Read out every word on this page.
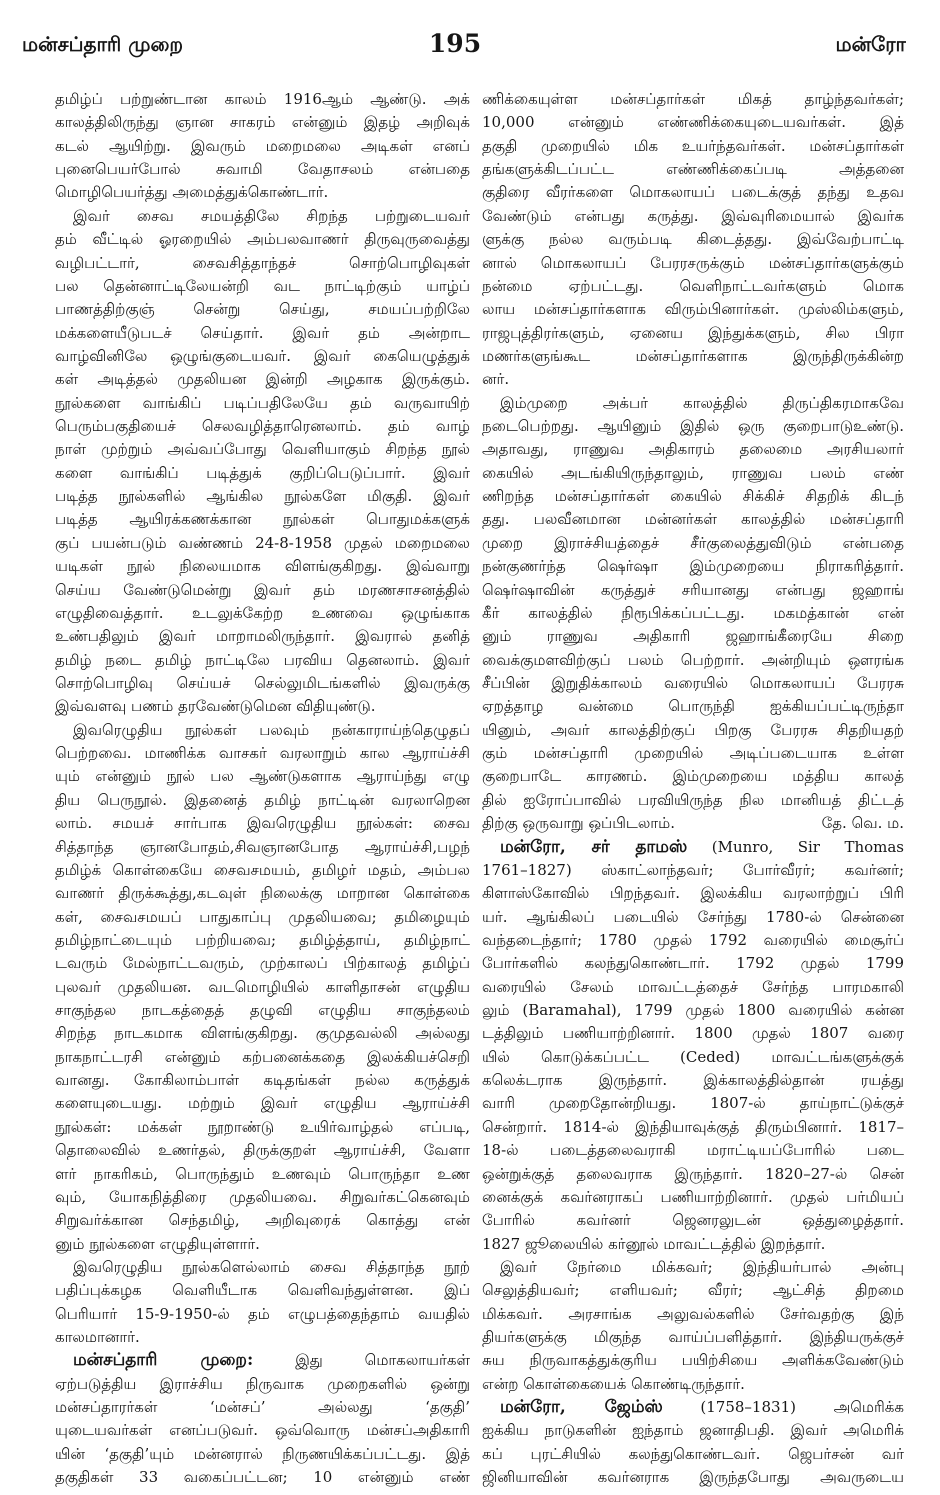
மன்சப்தாரி முறை	195	மன்ரோ
தமிழ்ப் பற்றுண்டான காலம் 1916ஆம் ஆண்டு. அக்
காலத்திலிருந்து ஞான சாகரம் என்னும் இதழ் அறிவுக்
கடல் ஆயிற்று. இவரும் மறைமலை அடிகள் எனப்
புனைபெயர்போல் சுவாமி வேதாசலம் என்பதை
மொழிபெயர்த்து அமைத்துக்கொண்டார்.
இவர் சைவ சமயத்திலே சிறந்த பற்றுடையவர்
தம் வீட்டில் ஓரறையில் அம்பலவாணர் திருவுருவைத்து
வழிபட்டார், சைவசித்தாந்தச் சொற்பொழிவுகள்
பல தென்னாட்டிலேயன்றி வட நாட்டிற்கும் யாழ்ப்
பாணத்திற்குஞ் சென்று செய்து, சமயப்பற்றிலே
மக்களையீடுபடச் செய்தார். இவர் தம் அன்றாட
வாழ்வினிலே ஒழுங்குடையவர். இவர் கையெழுத்துக்
கள் அடித்தல் முதலியன இன்றி அழகாக இருக்கும்.
நூல்களை வாங்கிப் படிப்பதிலேயே தம் வருவாயிற்
பெரும்பகுதியைச் செலவழித்தாரெனலாம். தம் வாழ்
நாள் முற்றும் அவ்வப்போது வெளியாகும் சிறந்த நூல்
களை வாங்கிப் படித்துக் குறிப்பெடுப்பார். இவர்
படித்த நூல்களில் ஆங்கில நூல்களே மிகுதி. இவர்
படித்த ஆயிரக்கணக்கான நூல்கள் பொதுமக்களுக்
குப் பயன்படும் வண்ணம் 24-8-1958 முதல் மறைமலை
யடிகள் நூல் நிலையமாக விளங்குகிறது. இவ்வாறு
செய்ய வேண்டுமென்று இவர் தம் மரணசாசனத்தில்
எழுதிவைத்தார். உடலுக்கேற்ற உணவை ஒழுங்காக
உண்பதிலும் இவர் மாறாமலிருந்தார். இவரால் தனித்
தமிழ் நடை தமிழ் நாட்டிலே பரவிய தெனலாம். இவர்
சொற்பொழிவு செய்யச் செல்லுமிடங்களில் இவருக்கு
இவ்வளவு பணம் தரவேண்டுமென விதியுண்டு.
இவரெழுதிய நூல்கள் பலவும் நன்காராய்ந்தெழுதப்
பெற்றவை. மாணிக்க வாசகர் வரலாறும் கால ஆராய்ச்சி
யும் என்னும் நூல் பல ஆண்டுகளாக ஆராய்ந்து எழு
திய பெருநூல். இதனைத் தமிழ் நாட்டின் வரலாறென
லாம். சமயச் சார்பாக இவரெழுதிய நூல்கள்: சைவ
சித்தாந்த ஞானபோதம்,சிவஞானபோத ஆராய்ச்சி,பழந்
தமிழ்க் கொள்கையே சைவசமயம், தமிழர் மதம், அம்பல
வாணர் திருக்கூத்து,கடவுள் நிலைக்கு மாறான கொள்கை
கள், சைவசமயப் பாதுகாப்பு முதலியவை; தமிழையும்
தமிழ்நாட்டையும் பற்றியவை; தமிழ்த்தாய், தமிழ்நாட்
டவரும் மேல்நாட்டவரும், முற்காலப் பிற்காலத் தமிழ்ப்
புலவர் முதலியன. வடமொழியில் காளிதாசன் எழுதிய
சாகுந்தல நாடகத்தைத் தழுவி எழுதிய சாகுந்தலம்
சிறந்த நாடகமாக விளங்குகிறது. குமுதவல்லி அல்லது
நாகநாட்டரசி என்னும் கற்பனைக்கதை இலக்கியச்செறி
வானது. கோகிலாம்பாள் கடிதங்கள் நல்ல கருத்துக்
களையுடையது. மற்றும் இவர் எழுதிய ஆராய்ச்சி
நூல்கள்: மக்கள் நூறாண்டு உயிர்வாழ்தல் எப்படி,
தொலைவில் உணர்தல், திருக்குறள் ஆராய்ச்சி, வேளா
ளர் நாகரிகம், பொருந்தும் உணவும் பொருந்தா உண
வும், யோகநித்திரை முதலியவை. சிறுவர்கட்கெனவும்
சிறுவர்க்கான செந்தமிழ், அறிவுரைக் கொத்து என்
னும் நூல்களை எழுதியுள்ளார்.
இவரெழுதிய நூல்களெல்லாம் சைவ சித்தாந்த நூற்
பதிப்புக்கழக வெளியீடாக வெளிவந்துள்ளன. இப்
பெரியார் 15-9-1950-ல் தம் எழுபத்தைந்தாம் வயதில்
காலமானார்.
மன்சப்தாரி முறை:	இது மொகலாயர்கள்
ஏற்படுத்திய இராச்சிய நிருவாக முறைகளில் ஒன்று
மன்சப்தாரர்கள் ‘மன்சப்’ அல்லது ‘தகுதி’
யுடையவர்கள் எனப்படுவர். ஒவ்வொரு மன்சப்அதிகாரி
யின் ‘தகுதி’யும் மன்னரால் நிருணயிக்கப்பட்டது. இத்
தகுதிகள் 33 வகைப்பட்டன; 10 என்னும் எண்
ணிக்கையுள்ள மன்சப்தார்கள் மிகத் தாழ்ந்தவர்கள்;
10,000 என்னும் எண்ணிக்கையுடையவர்கள். இத்
தகுதி முறையில் மிக உயர்ந்தவர்கள். மன்சப்தார்கள்
தங்களுக்கிடப்பட்ட எண்ணிக்கைப்படி அத்தனை
குதிரை வீரர்களை மொகலாயப் படைக்குத் தந்து உதவ
வேண்டும் என்பது கருத்து. இவ்வுரிமையால் இவர்க
ளுக்கு நல்ல வரும்படி கிடைத்தது. இவ்வேற்பாட்டி
னால் மொகலாயப் பேரரசருக்கும் மன்சப்தார்களுக்கும்
நன்மை ஏற்பட்டது. வெளிநாட்டவர்களும் மொக
லாய மன்சப்தார்களாக விரும்பினார்கள். முஸ்லிம்களும்,
ராஜபுத்திரர்களும், ஏனைய இந்துக்களும், சில பிரா
மணர்களுங்கூட மன்சப்தார்களாக இருந்திருக்கின்ற
னர்.
இம்முறை அக்பர் காலத்தில் திருப்திகரமாகவே
நடைபெற்றது. ஆயினும் இதில் ஒரு குறைபாடுஉண்டு.
அதாவது, ராணுவ அதிகாரம் தலைமை அரசியலார்
கையில் அடங்கியிருந்தாலும், ராணுவ பலம் எண்
ணிறந்த மன்சப்தார்கள் கையில் சிக்கிச் சிதறிக் கிடந்
தது. பலவீனமான மன்னர்கள் காலத்தில் மன்சப்தாரி
முறை இராச்சியத்தைச் சீர்குலைத்துவிடும் என்பதை
நன்குணர்ந்த ஷெர்ஷா இம்முறையை நிராகரித்தார்.
ஷெர்ஷாவின் கருத்துச் சரியானது என்பது ஜஹாங்
கீர் காலத்தில் நிரூபிக்கப்பட்டது. மகமத்கான் என்
னும் ராணுவ அதிகாரி ஜஹாங்கீரையே சிறை
வைக்குமளவிற்குப் பலம் பெற்றார். அன்றியும் ஔரங்க
சீப்பின் இறுதிக்காலம் வரையில் மொகலாயப் பேரரசு
ஏறத்தாழ வன்மை பொருந்தி ஐக்கியப்பட்டிருந்தா
யினும், அவர் காலத்திற்குப் பிறகு பேரரசு சிதறியதற்
கும் மன்சப்தாரி முறையில் அடிப்படையாக உள்ள
குறைபாடே காரணம். இம்முறையை மத்திய காலத்
தில் ஐரோப்பாவில் பரவியிருந்த நில மானியத் திட்டத்
திற்கு ஒருவாறு ஒப்பிடலாம்.	தே. வெ. ம.
மன்ரோ, சர் தாமஸ் (Munro, Sir Thomas
1761–1827) ஸ்காட்லாந்தவர்; போர்வீரர்; கவர்னர்;
கிளாஸ்கோவில் பிறந்தவர். இலக்கிய வரலாற்றுப் பிரி
யர். ஆங்கிலப் படையில் சேர்ந்து 1780-ல் சென்னை
வந்தடைந்தார்; 1780 முதல் 1792 வரையில் மைசூர்ப்
போர்களில் கலந்துகொண்டார். 1792 முதல் 1799
வரையில் சேலம் மாவட்டத்தைச் சேர்ந்த பாரமகாலி
லும் (Baramahal), 1799 முதல் 1800 வரையில் கன்ன
டத்திலும் பணியாற்றினார். 1800 முதல் 1807 வரை
யில் கொடுக்கப்பட்ட (Ceded) மாவட்டங்களுக்குக்
கலெக்டராக இருந்தார். இக்காலத்தில்தான் ரயத்து
வாரி முறைதோன்றியது. 1807-ல் தாய்நாட்டுக்குச்
சென்றார். 1814-ல் இந்தியாவுக்குத் திரும்பினார். 1817–
18-ல் படைத்தலைவராகி மராட்டியப்போரில் படை
ஒன்றுக்குத் தலைவராக இருந்தார். 1820–27-ல் சென்
னைக்குக் கவர்னராகப் பணியாற்றினார். முதல் பர்மியப்
போரில் கவர்னர் ஜெனரலுடன் ஒத்துழைத்தார்.
1827 ஜூலையில் கர்னூல் மாவட்டத்தில் இறந்தார்.
இவர் நேர்மை மிக்கவர்; இந்தியர்பால் அன்பு
செலுத்தியவர்; எளியவர்; வீரர்; ஆட்சித் திறமை
மிக்கவர். அரசாங்க அலுவல்களில் சேர்வதற்கு இந்
தியர்களுக்கு மிகுந்த வாய்ப்பளித்தார். இந்தியருக்குச்
சுய நிருவாகத்துக்குரிய பயிற்சியை அளிக்கவேண்டும்
என்ற கொள்கையைக் கொண்டிருந்தார்.
மன்ரோ, ஜேம்ஸ்	(1758–1831) அமெரிக்க
ஐக்கிய நாடுகளின் ஐந்தாம் ஜனாதிபதி. இவர் அமெரிக்
கப் புரட்சியில் கலந்துகொண்டவர். ஜெபர்சன் வர்
ஜினியாவின் கவர்னராக இருந்தபோது அவருடைய
